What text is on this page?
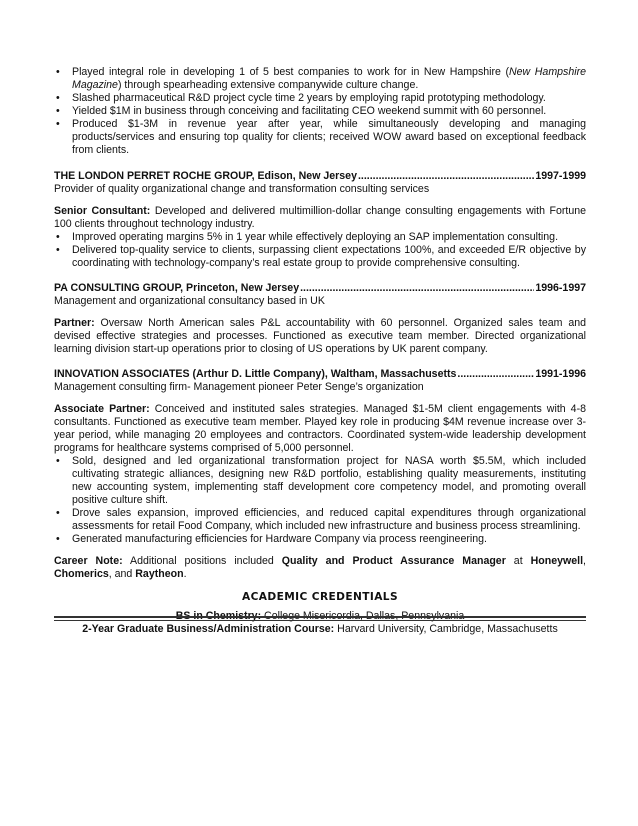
• Played integral role in developing 1 of 5 best companies to work for in New Hampshire (New Hampshire Magazine) through spearheading extensive companywide culture change.
• Slashed pharmaceutical R&D project cycle time 2 years by employing rapid prototyping methodology.
• Yielded $1M in business through conceiving and facilitating CEO weekend summit with 60 personnel.
• Produced $1-3M in revenue year after year, while simultaneously developing and managing products/services and ensuring top quality for clients; received WOW award based on exceptional feedback from clients.
THE LONDON PERRET ROCHE GROUP, Edison, New Jersey .....	1997-1999
Provider of quality organizational change and transformation consulting services
Senior Consultant: Developed and delivered multimillion-dollar change consulting engagements with Fortune 100 clients throughout technology industry.
• Improved operating margins 5% in 1 year while effectively deploying an SAP implementation consulting.
• Delivered top-quality service to clients, surpassing client expectations 100%, and exceeded E/R objective by coordinating with technology-company’s real estate group to provide comprehensive consulting.
PA CONSULTING GROUP, Princeton, New Jersey .....	1996-1997
Management and organizational consultancy based in UK
Partner: Oversaw North American sales P&L accountability with 60 personnel. Organized sales team and devised effective strategies and processes. Functioned as executive team member. Directed organizational learning division start-up operations prior to closing of US operations by UK parent company.
INNOVATION ASSOCIATES (Arthur D. Little Company), Waltham, Massachusetts .....	1991-1996
Management consulting firm- Management pioneer Peter Senge’s organization
Associate Partner: Conceived and instituted sales strategies. Managed $1-5M client engagements with 4-8 consultants. Functioned as executive team member. Played key role in producing $4M revenue increase over 3-year period, while managing 20 employees and contractors. Coordinated system-wide leadership development programs for healthcare systems comprised of 5,000 personnel.
• Sold, designed and led organizational transformation project for NASA worth $5.5M, which included cultivating strategic alliances, designing new R&D portfolio, establishing quality measurements, instituting new accounting system, implementing staff development core competency model, and promoting overall positive culture shift.
• Drove sales expansion, improved efficiencies, and reduced capital expenditures through organizational assessments for retail Food Company, which included new infrastructure and business process streamlining.
• Generated manufacturing efficiencies for Hardware Company via process reengineering.
Career Note: Additional positions included Quality and Product Assurance Manager at Honeywell, Chomerics, and Raytheon.
ACADEMIC CREDENTIALS
2-Year Graduate Business/Administration Course: Harvard University, Cambridge, Massachusetts
